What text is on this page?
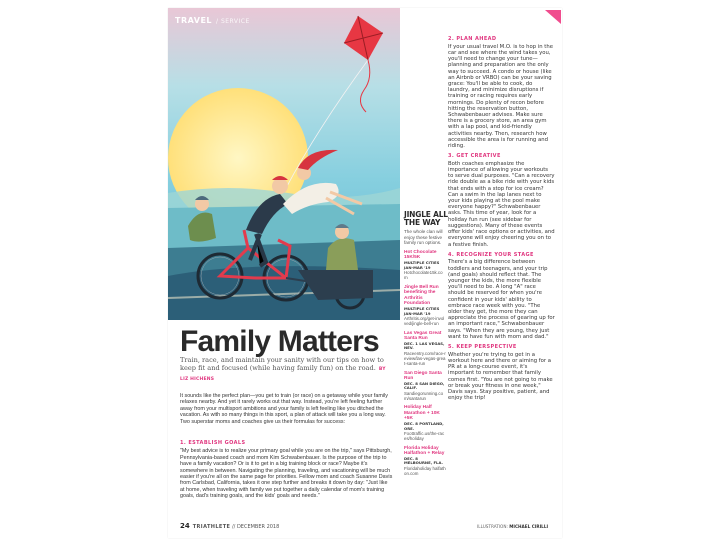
TRAVEL / SERVICE
Family Matters
Train, race, and maintain your sanity with our tips on how to keep fit and focused (while having family fun) on the road. BY LIZ HICHENS
It sounds like the perfect plan—you get to train (or race) on a getaway while your family relaxes nearby. And yet it rarely works out that way. Instead, you're left feeling further away from your multisport ambitions and your family is left feeling like you ditched the vacation. As with so many things in this sport, a plan of attack will take you a long way. Two superstar moms and coaches give us their formulas for success:
1. ESTABLISH GOALS

"My best advice is to realize your primary goal while you are on the trip," says Pittsburgh, Pennsylvania-based coach and mom Kim Schwabenbauer. Is the purpose of the trip to have a family vacation? Or is it to get in a big training block or race? Maybe it's somewhere in between. Navigating the planning, traveling, and vacationing will be much easier if you're all on the same page for priorities. Fellow mom and coach Susanne Davis from Carlsbad, California, takes it one step further and breaks it down by day: "Just like at home, when traveling with family we put together a daily calendar of mom's training goals, dad's training goals, and the kids' goals and needs."

JINGLE ALL THE WAY
The whole clan will enjoy these festive family run options.
Hot Chocolate 15K/5K
MULTIPLE CITIES JAN-MAR '19
Hotchocolate15k.com
Jingle Bell Run benefiting the Arthritis Foundation
MULTIPLE CITIES JAN-MAR '19
Arthritis.org/get-involved/jingle-bell-run
Las Vegas Great Santa Run
DEC. 1 LAS VEGAS, NEV.
Raceentry.com/race-review/las-vegas-great-santa-run
San Diego Santa Run
DEC. 8 SAN DIEGO, CALIF.
Sandiegorunning.com/santarun
Holiday Half Marathon + 10K +5K
DEC. 8 PORTLAND, ORE.
Foottraffic.us/the-races/holiday
Florida Holiday Halfathon + Relay
DEC. 8 MELBOURNE, FLA.
Floridaholiday halfathon.com
2. PLAN AHEAD

If your usual travel M.O. is to hop in the car and see where the wind takes you, you'll need to change your tune—planning and preparation are the only way to succeed. A condo or house (like an Airbnb or VRBO) can be your saving grace: You'll be able to cook, do laundry, and minimize disruptions if training or racing requires early mornings. Do plenty of recon before hitting the reservation button, Schwabenbauer advises. Make sure there is a grocery store, an area gym with a lap pool, and kid-friendly activities nearby. Then, research how accessible the area is for running and riding.

3. GET CREATIVE

Both coaches emphasize the importance of allowing your workouts to serve dual purposes. "Can a recovery ride double as a bike ride with your kids that ends with a stop for ice cream? Can a swim in the lap lanes next to your kids playing at the pool make everyone happy?" Schwabenbauer asks. This time of year, look for a holiday fun run (see sidebar for suggestions). Many of these events offer kids' race options or activities, and everyone will enjoy cheering you on to a festive finish.

4. RECOGNIZE YOUR STAGE

There's a big difference between toddlers and teenagers, and your trip (and goals) should reflect that. The younger the kids, the more flexible you'll need to be. A long "A" race should be reserved for when you're confident in your kids' ability to embrace race week with you. "The older they get, the more they can appreciate the process of gearing up for an important race," Schwabenbauer says. "When they are young, they just want to have fun with mom and dad."

5. KEEP PERSPECTIVE

Whether you're trying to get in a workout here and there or aiming for a PR at a long-course event, it's important to remember that family comes first. "You are not going to make or break your fitness in one week," Davis says. Stay positive, patient, and enjoy the trip!

24 TRIATHLETE // DECEMBER 2018	ILLUSTRATION: MICHAEL CIRILLI
